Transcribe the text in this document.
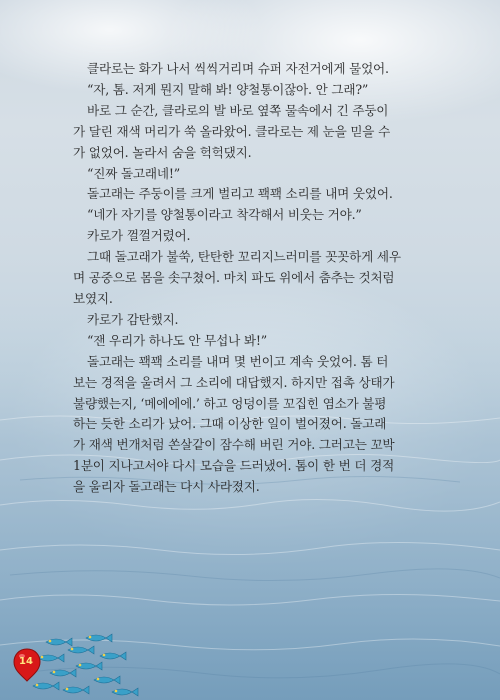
클라로는 화가 나서 씩씩거리며 슈퍼 자전거에게 물었어.

“자, 톰. 저게 뭔지 말해 봐! 양철통이잖아. 안 그래?”

바로 그 순간, 클라로의 발 바로 옆쪽 물속에서 긴 주둥이

가 달린 재색 머리가 쑥 올라왔어. 클라로는 제 눈을 믿을 수

가 없었어. 놀라서 숨을 헉헉댔지.

“진짜 돌고래네!”

돌고래는 주둥이를 크게 벌리고 꽥꽥 소리를 내며 웃었어.

“네가 자기를 양철통이라고 착각해서 비웃는 거야.”

카로가 껄껄거렸어.

그때 돌고래가 불쑥, 탄탄한 꼬리지느러미를 꼿꼿하게 세우

며 공중으로 몸을 솟구쳤어. 마치 파도 위에서 춤추는 것처럼

보였지.

카로가 감탄했지.

“잰 우리가 하나도 안 무섭나 봐!”

돌고래는 꽥꽥 소리를 내며 몇 번이고 계속 웃었어. 톰 터

보는 경적을 울려서 그 소리에 대답했지. 하지만 접촉 상태가

불량했는지, ‘메에에에.’ 하고 엉덩이를 꼬집힌 염소가 불평

하는 듯한 소리가 났어. 그때 이상한 일이 벌어졌어. 돌고래

가 재색 번개처럼 쏜살같이 잠수해 버린 거야. 그러고는 꼬박

1분이 지나고서야 다시 모습을 드러냈어. 톰이 한 번 더 경적

을 울리자 돌고래는 다시 사라졌지.

14
